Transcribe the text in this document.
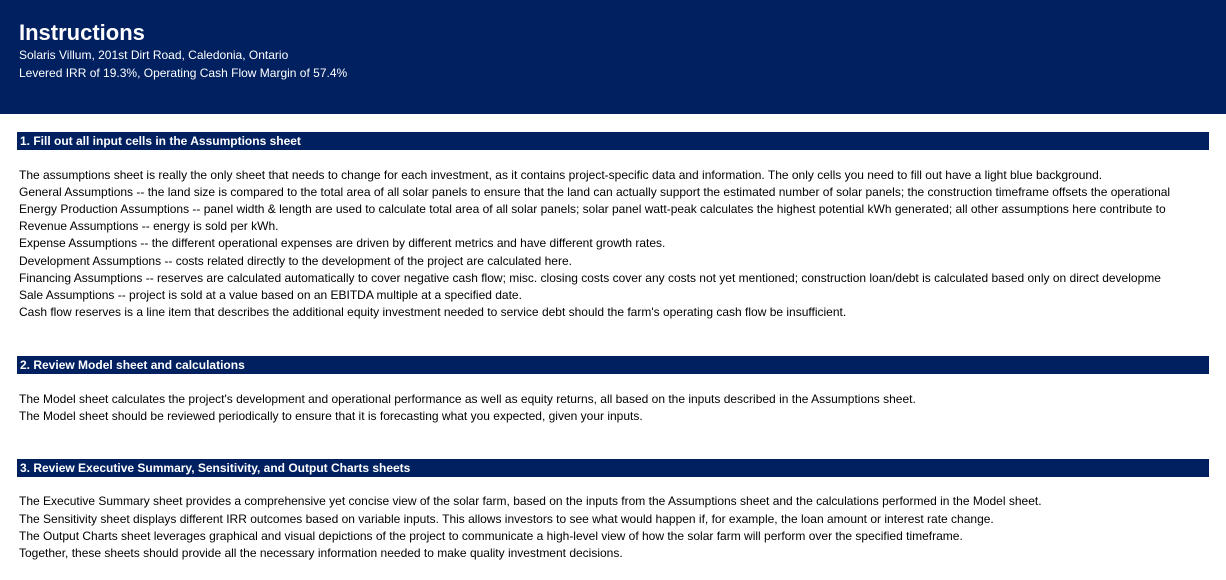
Instructions
Solaris Villum, 201st Dirt Road, Caledonia, Ontario
Levered IRR of 19.3%, Operating Cash Flow Margin of 57.4%
1. Fill out all input cells in the Assumptions sheet
The assumptions sheet is really the only sheet that needs to change for each investment, as it contains project-specific data and information. The only cells you need to fill out have a light blue background.
General Assumptions -- the land size is compared to the total area of all solar panels to ensure that the land can actually support the estimated number of solar panels; the construction timeframe offsets the operational
Energy Production Assumptions -- panel width & length are used to calculate total area of all solar panels; solar panel watt-peak calculates the highest potential kWh generated; all other assumptions here contribute to
Revenue Assumptions -- energy is sold per kWh.
Expense Assumptions -- the different operational expenses are driven by different metrics and have different growth rates.
Development Assumptions -- costs related directly to the development of the project are calculated here.
Financing Assumptions -- reserves are calculated automatically to cover negative cash flow; misc. closing costs cover any costs not yet mentioned; construction loan/debt is calculated based only on direct developme
Sale Assumptions -- project is sold at a value based on an EBITDA multiple at a specified date.
Cash flow reserves is a line item that describes the additional equity investment needed to service debt should the farm's operating cash flow be insufficient.
2. Review Model sheet and calculations
The Model sheet calculates the project's development and operational performance as well as equity returns, all based on the inputs described in the Assumptions sheet.
The Model sheet should be reviewed periodically to ensure that it is forecasting what you expected, given your inputs.
3. Review Executive Summary, Sensitivity, and Output Charts sheets
The Executive Summary sheet provides a comprehensive yet concise view of the solar farm, based on the inputs from the Assumptions sheet and the calculations performed in the Model sheet.
The Sensitivity sheet displays different IRR outcomes based on variable inputs. This allows investors to see what would happen if, for example, the loan amount or interest rate change.
The Output Charts sheet leverages graphical and visual depictions of the project to communicate a high-level view of how the solar farm will perform over the specified timeframe.
Together, these sheets should provide all the necessary information needed to make quality investment decisions.
